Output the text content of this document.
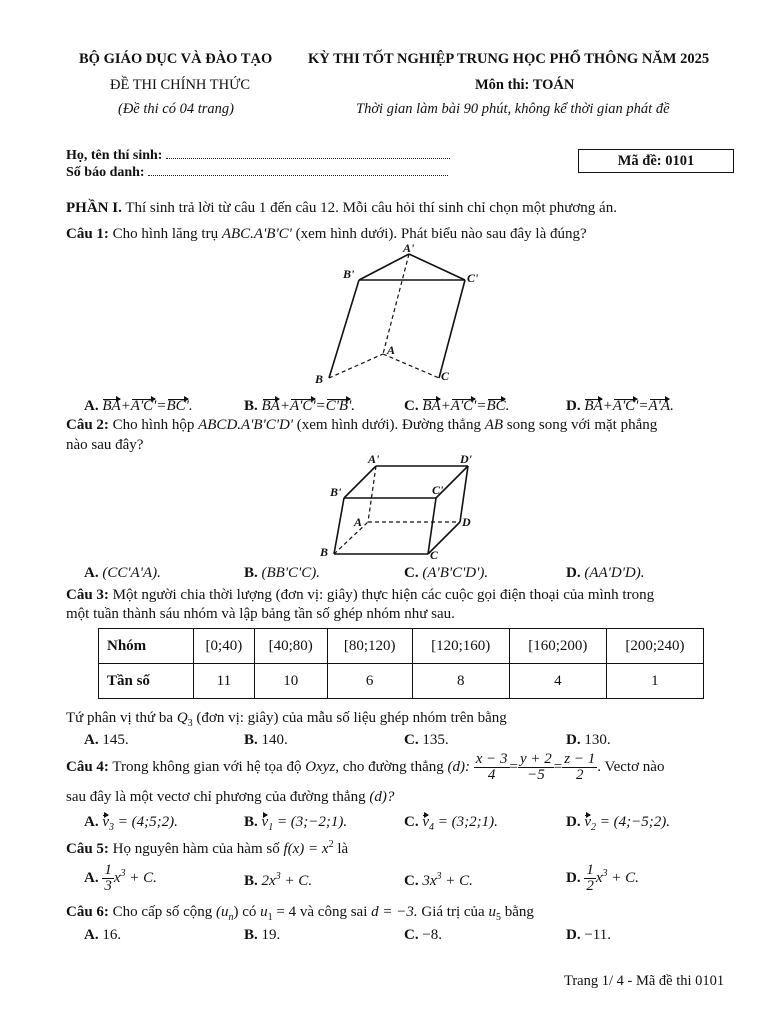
BỘ GIÁO DỤC VÀ ĐÀO TẠO KỲ THI TỐT NGHIỆP TRUNG HỌC PHỔ THÔNG NĂM 2025
ĐỀ THI CHÍNH THỨC	Môn thi: TOÁN
(Đề thi có 04 trang)	Thời gian làm bài 90 phút, không kể thời gian phát đề
Họ, tên thí sinh:
Số báo danh:
Mã đề: 0101
PHẦN I. Thí sinh trả lời từ câu 1 đến câu 12. Mỗi câu hỏi thí sinh chỉ chọn một phương án.
Câu 1: Cho hình lăng trụ ABC.A'B'C' (xem hình dưới). Phát biểu nào sau đây là đúng?
A'
B'	C'
A
B	C
A. BA+A'C'=BC'.	B. BA+A'C'=C'B'.	C. BA+A'C'=BC.	D. BA+A'C'=A'A.
Câu 2: Cho hình hộp ABCD.A'B'C'D' (xem hình dưới). Đường thẳng AB song song với mặt phẳng
nào sau đây?
A'	D'
B'	C'
A	D
B	C
A. (CC'A'A).	B. (BB'C'C).	C. (A'B'C'D').	D. (AA'D'D).
Câu 3: Một người chia thời lượng (đơn vị: giây) thực hiện các cuộc gọi điện thoại của mình trong
một tuần thành sáu nhóm và lập bảng tần số ghép nhóm như sau.
Nhóm	[0;40)	[40;80)	[80;120)	[120;160)	[160;200)	[200;240)
Tần số	11	10	6	8	4	1
Tứ phân vị thứ ba $Q_3$ (đơn vị: giây) của mẫu số liệu ghép nhóm trên bằng
A. 145.	B. 140.	C. 135.	D. 130.
Câu 4: Trong không gian với hệ tọa độ Oxyz, cho đường thẳng (d): $\frac{x - 3}{4} = \frac{y + 2}{-5} = \frac{z - 1}{2}$ . Vectơ nào
sau đây là một vectơ chỉ phương của đường thẳng (d)?
A. $v_3$ = (4;5;2).	B. $v_1$ = (3;−2;1).	C. $v_4$ = (3;2;1).	D. $v_2$ = (4;−5;2).
Câu 5: Họ nguyên hàm của hàm số $f(x) = x^2$ là
A. $\frac{1}{3} x^3 + C$.	B. $2x^3 + C$.	C. $3x^3 + C$.	D. $\frac{1}{2} x^3 + C$.
Câu 6: Cho cấp số cộng $(u_n)$ có $u_1 = 4$ và công sai d = −3. Giá trị của $u_5$ bằng
A. 16.	B. 19.	C. −8.	D. −11.
Trang 1/ 4 - Mã đề thi 0101
